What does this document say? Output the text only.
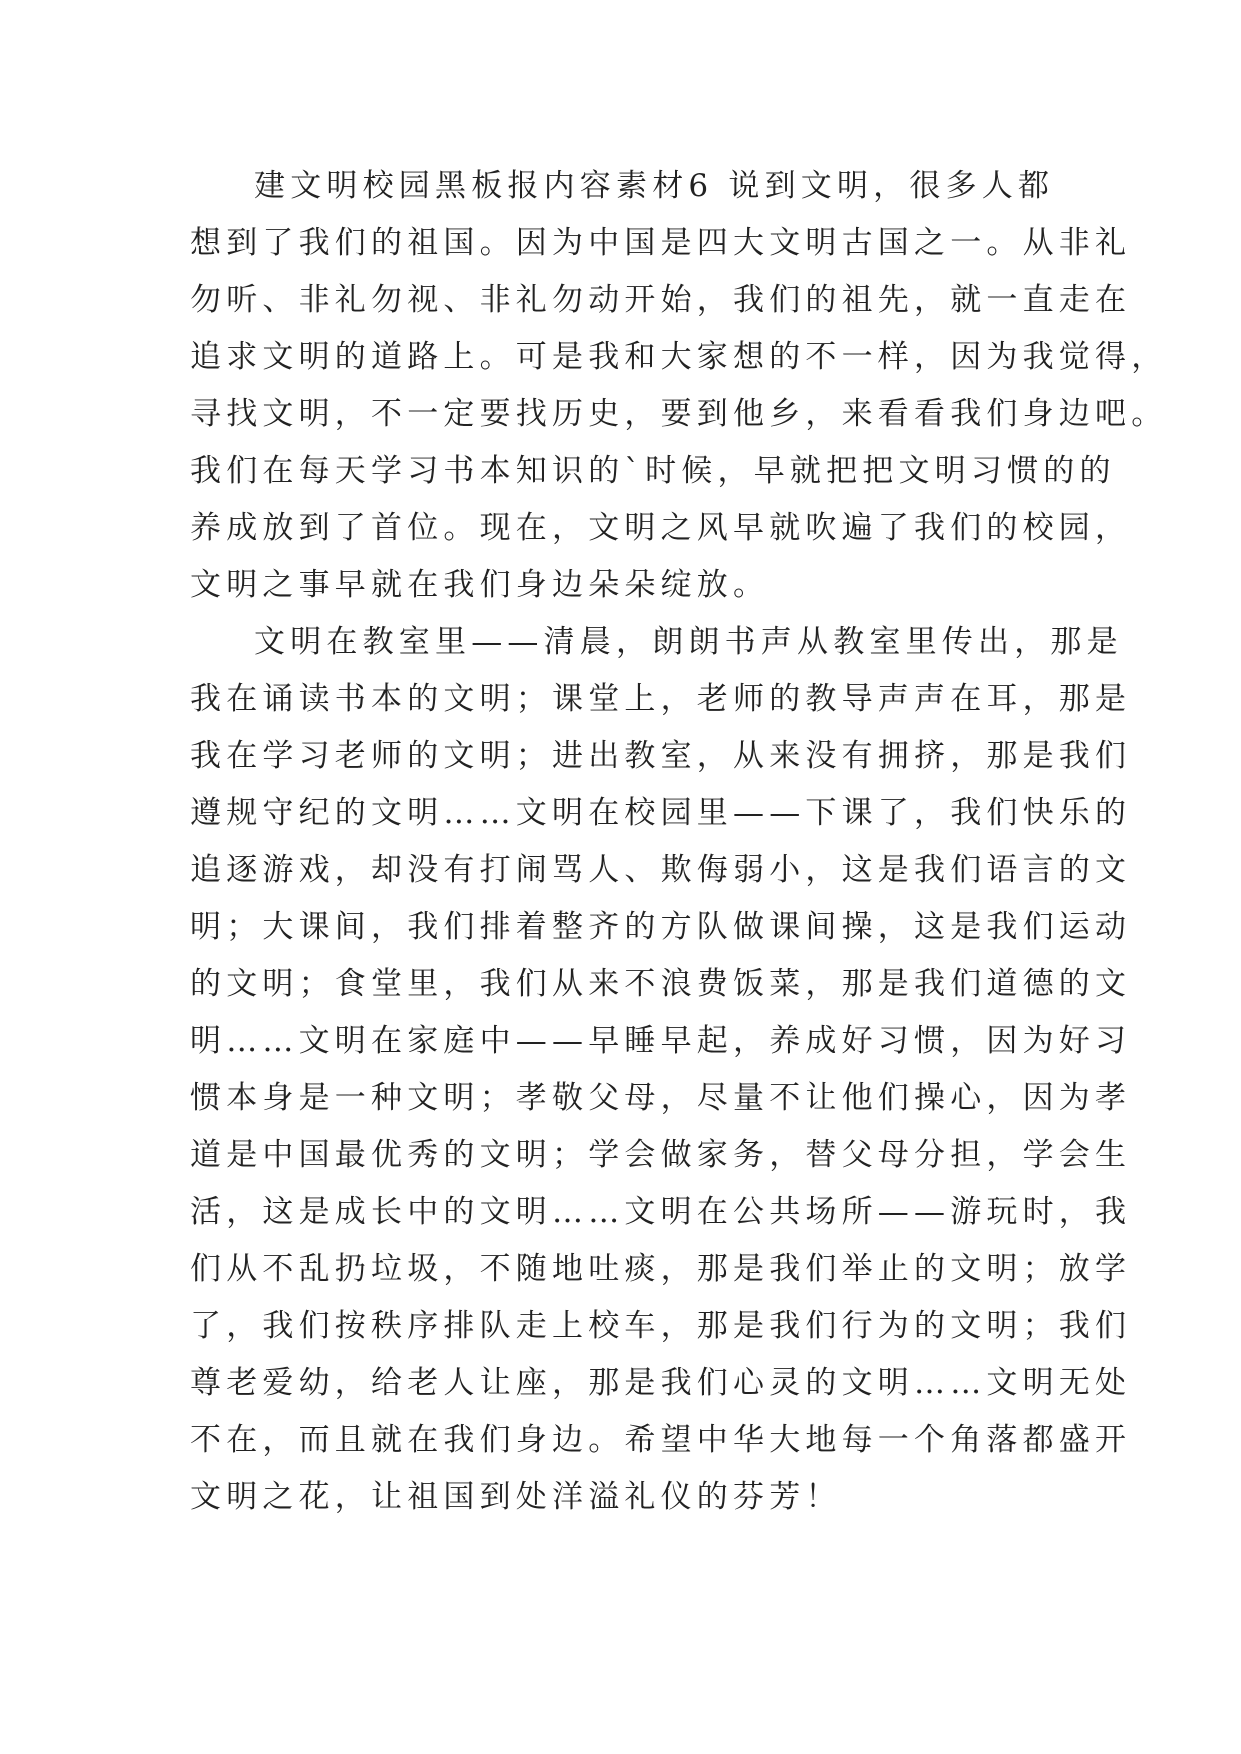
建文明校园黑板报内容素材6 说到文明，很多人都
想到了我们的祖国。因为中国是四大文明古国之一。从非礼
勿听、非礼勿视、非礼勿动开始，我们的祖先，就一直走在
追求文明的道路上。可是我和大家想的不一样，因为我觉得，
寻找文明，不一定要找历史，要到他乡，来看看我们身边吧。
我们在每天学习书本知识的`时候，早就把把文明习惯的的
养成放到了首位。现在，文明之风早就吹遍了我们的校园，
文明之事早就在我们身边朵朵绽放。
文明在教室里——清晨，朗朗书声从教室里传出，那是
我在诵读书本的文明；课堂上，老师的教导声声在耳，那是
我在学习老师的文明；进出教室，从来没有拥挤，那是我们
遵规守纪的文明……文明在校园里——下课了，我们快乐的
追逐游戏，却没有打闹骂人、欺侮弱小，这是我们语言的文
明；大课间，我们排着整齐的方队做课间操，这是我们运动
的文明；食堂里，我们从来不浪费饭菜，那是我们道德的文
明……文明在家庭中——早睡早起，养成好习惯，因为好习
惯本身是一种文明；孝敬父母，尽量不让他们操心，因为孝
道是中国最优秀的文明；学会做家务，替父母分担，学会生
活，这是成长中的文明……文明在公共场所——游玩时，我
们从不乱扔垃圾，不随地吐痰，那是我们举止的文明；放学
了，我们按秩序排队走上校车，那是我们行为的文明；我们
尊老爱幼，给老人让座，那是我们心灵的文明……文明无处
不在，而且就在我们身边。希望中华大地每一个角落都盛开
文明之花，让祖国到处洋溢礼仪的芬芳！
